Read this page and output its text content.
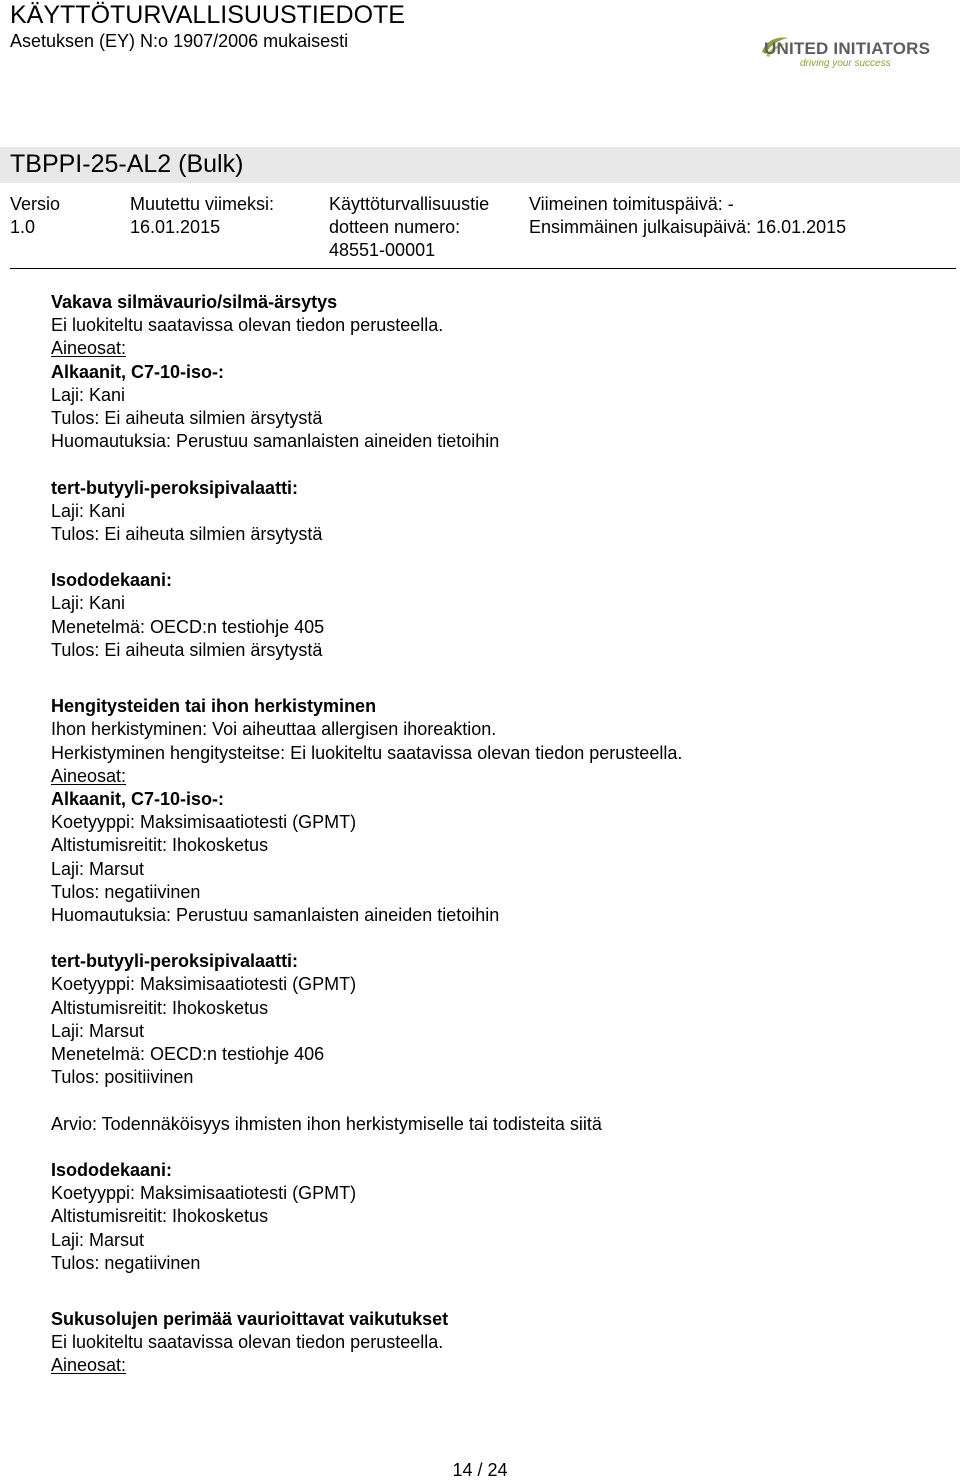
KÄYTTÖTURVALLISUUSTIEDOTE
Asetuksen (EY) N:o 1907/2006 mukaisesti	UNITED INITIATORS
driving your success
TBPPI-25-AL2 (Bulk)
Versio
1.0
Muutettu viimeksi:
16.01.2015
Käyttöturvallisuustie
dotteen numero:
48551-00001
Viimeinen toimituspäivä: -
Ensimmäinen julkaisupäivä: 16.01.2015
Vakava silmävaurio/silmä-ärsytys
Ei luokiteltu saatavissa olevan tiedon perusteella.
Aineosat:
Alkaanit, C7-10-iso-:
Laji: Kani
Tulos: Ei aiheuta silmien ärsytystä
Huomautuksia: Perustuu samanlaisten aineiden tietoihin
tert-butyyli-peroksipivalaatti:
Laji: Kani
Tulos: Ei aiheuta silmien ärsytystä
Isododekaani:
Laji: Kani
Menetelmä: OECD:n testiohje 405
Tulos: Ei aiheuta silmien ärsytystä
Hengitysteiden tai ihon herkistyminen
Ihon herkistyminen: Voi aiheuttaa allergisen ihoreaktion.
Herkistyminen hengitysteitse: Ei luokiteltu saatavissa olevan tiedon perusteella.
Aineosat:
Alkaanit, C7-10-iso-:
Koetyyppi: Maksimisaatiotesti (GPMT)
Altistumisreitit: Ihokosketus
Laji: Marsut
Tulos: negatiivinen
Huomautuksia: Perustuu samanlaisten aineiden tietoihin
tert-butyyli-peroksipivalaatti:
Koetyyppi: Maksimisaatiotesti (GPMT)
Altistumisreitit: Ihokosketus
Laji: Marsut
Menetelmä: OECD:n testiohje 406
Tulos: positiivinen
Arvio: Todennäköisyys ihmisten ihon herkistymiselle tai todisteita siitä
Isododekaani:
Koetyyppi: Maksimisaatiotesti (GPMT)
Altistumisreitit: Ihokosketus
Laji: Marsut
Tulos: negatiivinen
Sukusolujen perimää vaurioittavat vaikutukset
Ei luokiteltu saatavissa olevan tiedon perusteella.
Aineosat:
14 / 24
